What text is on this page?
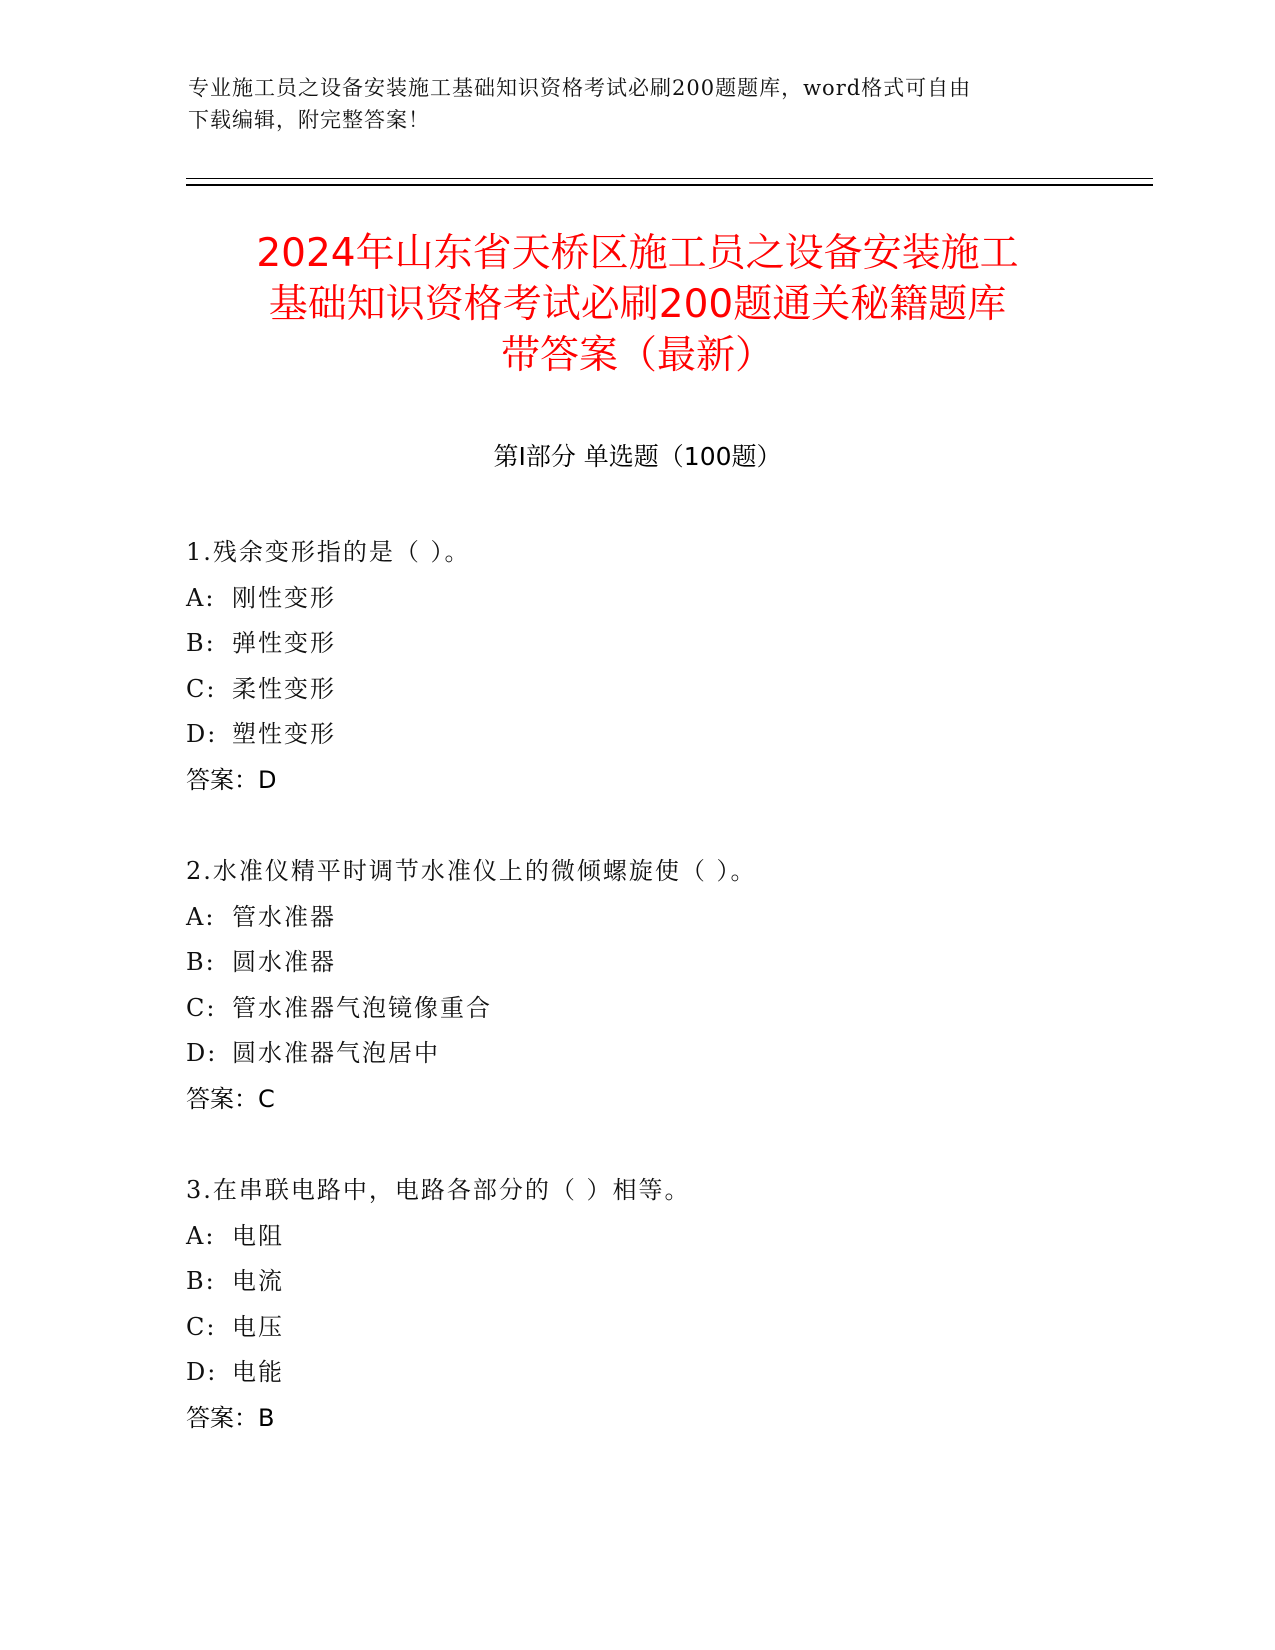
专业施工员之设备安装施工基础知识资格考试必刷200题题库，word格式可自由
下载编辑，附完整答案！
2024年山东省天桥区施工员之设备安装施工
基础知识资格考试必刷200题通关秘籍题库
带答案（最新）
第Ⅰ部分 单选题（100题）
1.残余变形指的是（ ）。
A: 刚性变形
B: 弹性变形
C: 柔性变形
D: 塑性变形
答案：D
2.水准仪精平时调节水准仪上的微倾螺旋使（ ）。
A: 管水准器
B: 圆水准器
C: 管水准器气泡镜像重合
D: 圆水准器气泡居中
答案：C
3.在串联电路中，电路各部分的（ ）相等。
A: 电阻
B: 电流
C: 电压
D: 电能
答案：B
